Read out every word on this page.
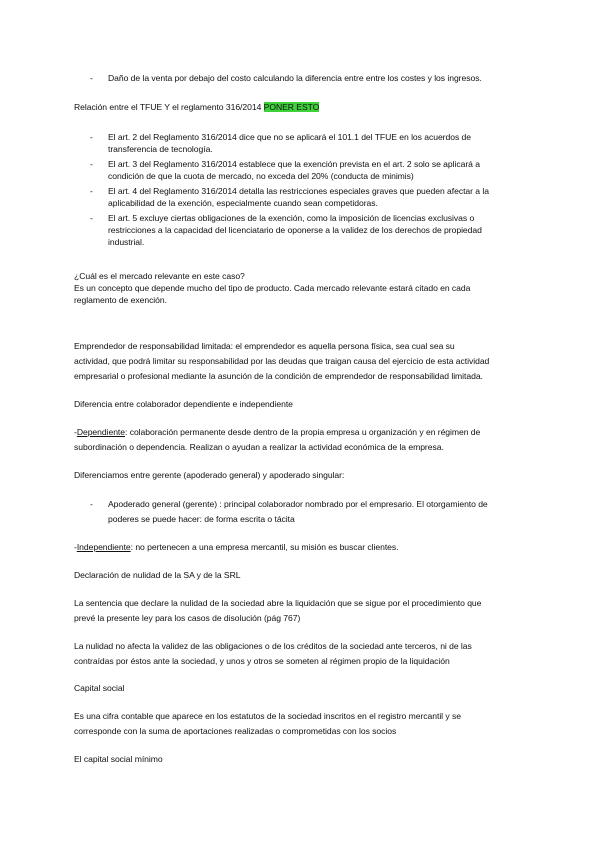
- Daño de la venta por debajo del costo calculando la diferencia entre entre los costes y los ingresos.
Relación entre el TFUE Y el reglamento 316/2014 PONER ESTO
- El art. 2 del Reglamento 316/2014 dice que no se aplicará el 101.1 del TFUE en los acuerdos de
transferencia de tecnología.
- El art. 3 del Reglamento 316/2014 establece que la exención prevista en el art. 2 solo se aplicará a
condición de que la cuota de mercado, no exceda del 20% (conducta de minimis)
- El art. 4 del Reglamento 316/2014 detalla las restricciones especiales graves que pueden afectar a la
aplicabilidad de la exención, especialmente cuando sean competidoras.
- El art. 5 excluye ciertas obligaciones de la exención, como la imposición de licencias exclusivas o
restricciones a la capacidad del licenciatario de oponerse a la validez de los derechos de propiedad
industrial.
¿Cuál es el mercado relevante en este caso?
Es un concepto que depende mucho del tipo de producto. Cada mercado relevante estará citado en cada
reglamento de exención.
Emprendedor de responsabilidad limitada: el emprendedor es aquella persona física, sea cual sea su
actividad, que podrá limitar su responsabilidad por las deudas que traigan causa del ejercicio de esta actividad
empresarial o profesional mediante la asunción de la condición de emprendedor de responsabilidad limitada.
Diferencia entre colaborador dependiente e independiente
-Dependiente: colaboración permanente desde dentro de la propia empresa u organización y en régimen de
subordinación o dependencia. Realizan o ayudan a realizar la actividad económica de la empresa.
Diferenciamos entre gerente (apoderado general) y apoderado singular:
- Apoderado general (gerente) : principal colaborador nombrado por el empresario. El otorgamiento de
poderes se puede hacer: de forma escrita o tácita
-Independiente: no pertenecen a una empresa mercantil, su misión es buscar clientes.
Declaración de nulidad de la SA y de la SRL
La sentencia que declare la nulidad de la sociedad abre la liquidación que se sigue por el procedimiento que
prevé la presente ley para los casos de disolución (pág 767)
La nulidad no afecta la validez de las obligaciones o de los créditos de la sociedad ante terceros, ni de las
contraídas por éstos ante la sociedad, y unos y otros se someten al régimen propio de la liquidación
Capital social
Es una cifra contable que aparece en los estatutos de la sociedad inscritos en el registro mercantil y se
corresponde con la suma de aportaciones realizadas o comprometidas con los socios
El capital social mínimo
